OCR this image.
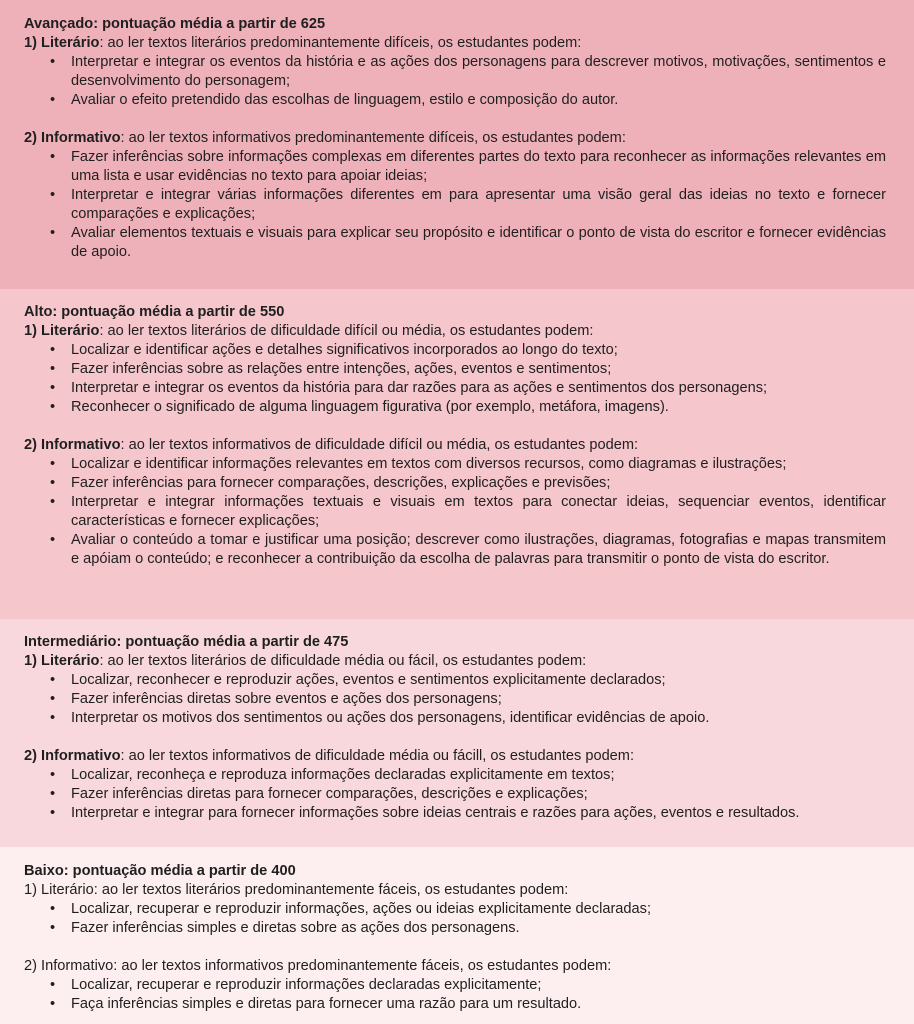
Avançado: pontuação média a partir de 625

1) Literário: ao ler textos literários predominantemente difíceis, os estudantes podem:

• Interpretar e integrar os eventos da história e as ações dos personagens para descrever motivos, motivações, sentimentos e desenvolvimento do personagem;
• Avaliar o efeito pretendido das escolhas de linguagem, estilo e composição do autor.

2) Informativo: ao ler textos informativos predominantemente difíceis, os estudantes podem:

• Fazer inferências sobre informações complexas em diferentes partes do texto para reconhecer as informações relevantes em uma lista e usar evidências no texto para apoiar ideias;
• Interpretar e integrar várias informações diferentes em para apresentar uma visão geral das ideias no texto e fornecer comparações e explicações;
• Avaliar elementos textuais e visuais para explicar seu propósito e identificar o ponto de vista do escritor e fornecer evidências de apoio.

Alto: pontuação média a partir de 550

1) Literário: ao ler textos literários de dificuldade difícil ou média, os estudantes podem:

• Localizar e identificar ações e detalhes significativos incorporados ao longo do texto;
• Fazer inferências sobre as relações entre intenções, ações, eventos e sentimentos;
• Interpretar e integrar os eventos da história para dar razões para as ações e sentimentos dos personagens;
• Reconhecer o significado de alguma linguagem figurativa (por exemplo, metáfora, imagens).

2) Informativo: ao ler textos informativos de dificuldade difícil ou média, os estudantes podem:

• Localizar e identificar informações relevantes em textos com diversos recursos, como diagramas e ilustrações;
• Fazer inferências para fornecer comparações, descrições, explicações e previsões;
• Interpretar e integrar informações textuais e visuais em textos para conectar ideias, sequenciar eventos, identificar características e fornecer explicações;
• Avaliar o conteúdo a tomar e justificar uma posição; descrever como ilustrações, diagramas, fotografias e mapas transmitem e apóiam o conteúdo; e reconhecer a contribuição da escolha de palavras para transmitir o ponto de vista do escritor.

Intermediário: pontuação média a partir de 475

1) Literário: ao ler textos literários de dificuldade média ou fácil, os estudantes podem:

• Localizar, reconhecer e reproduzir ações, eventos e sentimentos explicitamente declarados;
• Fazer inferências diretas sobre eventos e ações dos personagens;
• Interpretar os motivos dos sentimentos ou ações dos personagens, identificar evidências de apoio.

2) Informativo: ao ler textos informativos de dificuldade média ou fácill, os estudantes podem:

• Localizar, reconheça e reproduza informações declaradas explicitamente em textos;
• Fazer inferências diretas para fornecer comparações, descrições e explicações;
• Interpretar e integrar para fornecer informações sobre ideias centrais e razões para ações, eventos e resultados.

Baixo: pontuação média a partir de 400

1) Literário: ao ler textos literários predominantemente fáceis, os estudantes podem:

• Localizar, recuperar e reproduzir informações, ações ou ideias explicitamente declaradas;
• Fazer inferências simples e diretas sobre as ações dos personagens.

2) Informativo: ao ler textos informativos predominantemente fáceis, os estudantes podem:

• Localizar, recuperar e reproduzir informações declaradas explicitamente;
• Faça inferências simples e diretas para fornecer uma razão para um resultado.
